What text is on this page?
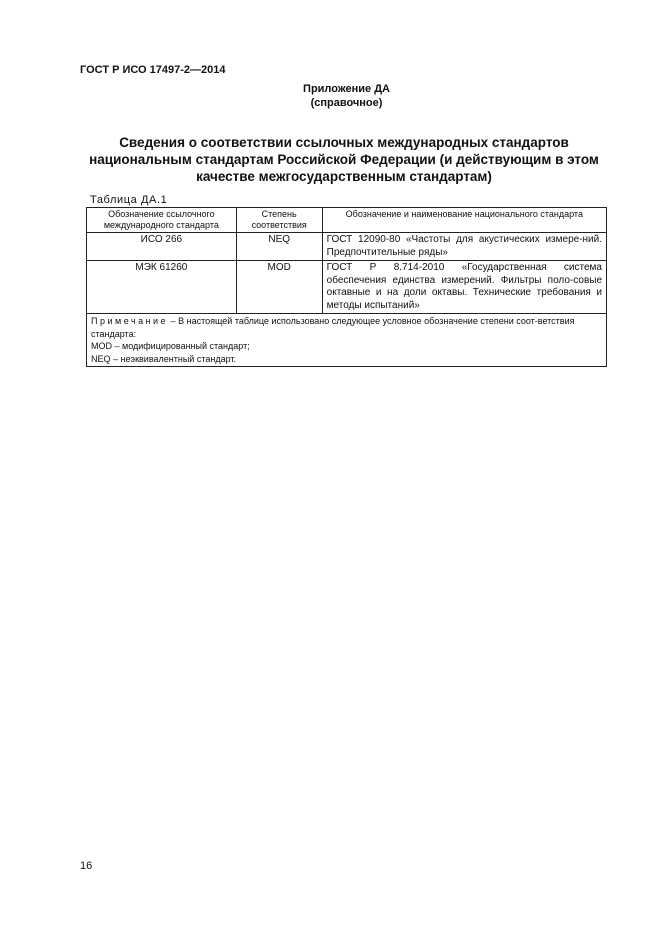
ГОСТ Р ИСО 17497-2—2014
Приложение ДА
(справочное)
Сведения о соответствии ссылочных международных стандартов
национальным стандартам Российской Федерации (и действующим в этом
качестве межгосударственным стандартам)
Таблица ДА.1
Обозначение ссылочного международного стандарта	Степень соответствия	Обозначение и наименование национального стандарта
ИСО 266	NEQ	ГОСТ 12090-80 «Частоты для акустических измере-ний. Предпочтительные ряды»
МЭК 61260	MOD	ГОСТ Р 8.714-2010 «Государственная система обеспечения единства измерений. Фильтры поло-совые октавные и на доли октавы. Технические требования и методы испытаний»
Примечание – В настоящей таблице использовано следующее условное обозначение степени соот-ветствия стандарта:
MOD – модифицированный стандарт;
NEQ – неэквивалентный стандарт.		
16
